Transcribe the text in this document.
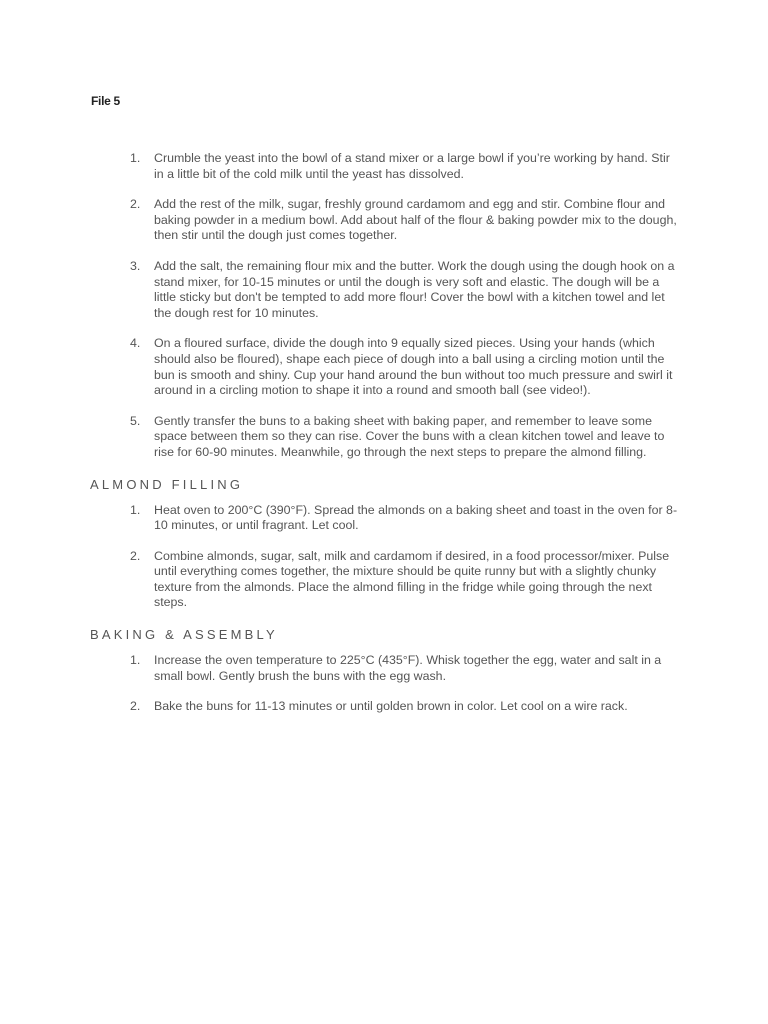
File 5
1.	Crumble the yeast into the bowl of a stand mixer or a large bowl if you’re working by hand. Stir in a little bit of the cold milk until the yeast has dissolved.
2.	Add the rest of the milk, sugar, freshly ground cardamom and egg and stir. Combine flour and baking powder in a medium bowl. Add about half of the flour & baking powder mix to the dough, then stir until the dough just comes together.
3.	Add the salt, the remaining flour mix and the butter. Work the dough using the dough hook on a stand mixer, for 10-15 minutes or until the dough is very soft and elastic. The dough will be a little sticky but don't be tempted to add more flour! Cover the bowl with a kitchen towel and let the dough rest for 10 minutes.
4.	On a floured surface, divide the dough into 9 equally sized pieces. Using your hands (which should also be floured), shape each piece of dough into a ball using a circling motion until the bun is smooth and shiny. Cup your hand around the bun without too much pressure and swirl it around in a circling motion to shape it into a round and smooth ball (see video!).
5.	Gently transfer the buns to a baking sheet with baking paper, and remember to leave some space between them so they can rise. Cover the buns with a clean kitchen towel and leave to rise for 60-90 minutes. Meanwhile, go through the next steps to prepare the almond filling.
ALMOND FILLING
1.	Heat oven to 200°C (390°F). Spread the almonds on a baking sheet and toast in the oven for 8-10 minutes, or until fragrant. Let cool.
2.	Combine almonds, sugar, salt, milk and cardamom if desired, in a food processor/mixer. Pulse until everything comes together, the mixture should be quite runny but with a slightly chunky texture from the almonds. Place the almond filling in the fridge while going through the next steps.
BAKING & ASSEMBLY
1.	Increase the oven temperature to 225°C (435°F). Whisk together the egg, water and salt in a small bowl. Gently brush the buns with the egg wash.
2.	Bake the buns for 11-13 minutes or until golden brown in color. Let cool on a wire rack.
